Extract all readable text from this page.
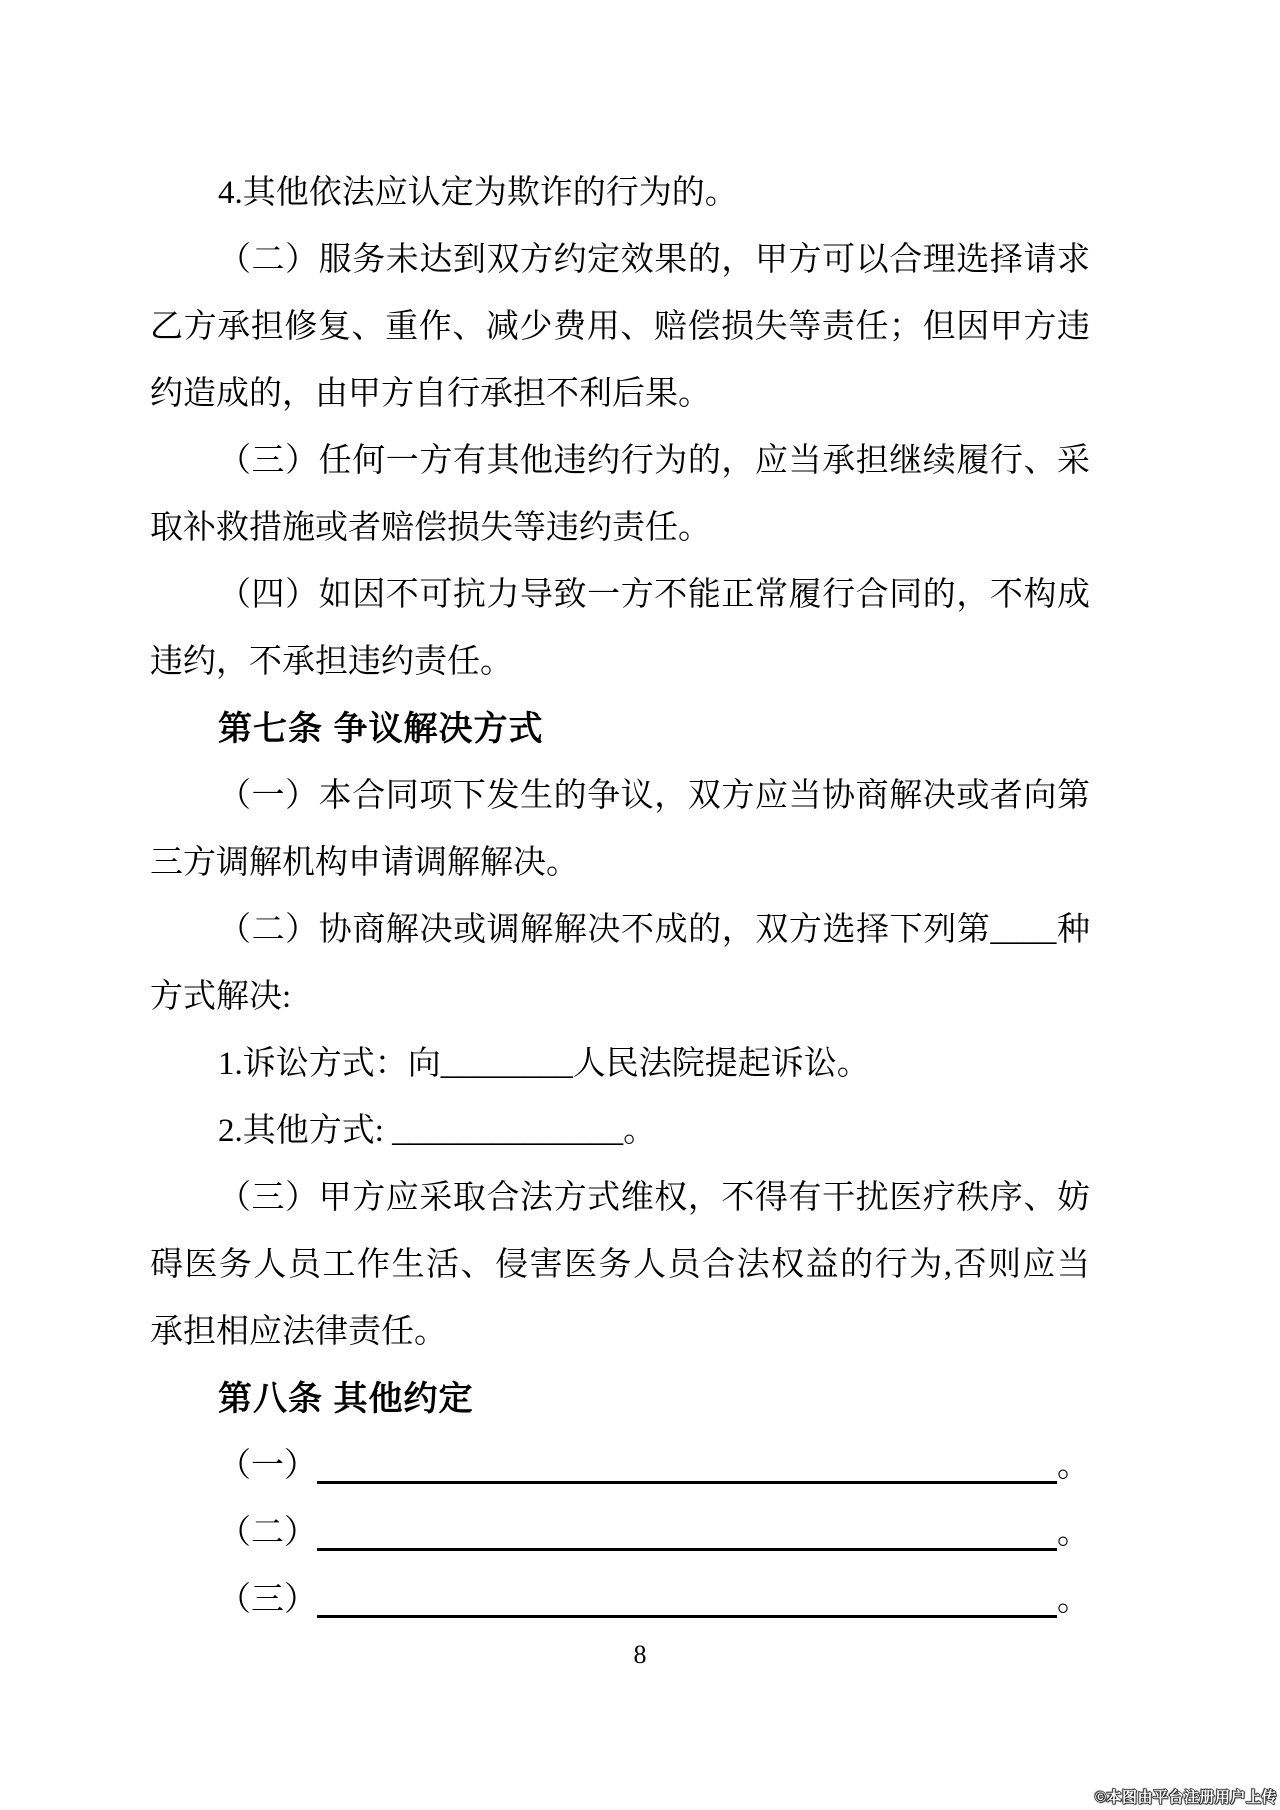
4.其他依法应认定为欺诈的行为的。
（二）服务未达到双方约定效果的，甲方可以合理选择请求
乙方承担修复、重作、减少费用、赔偿损失等责任；但因甲方违
约造成的，由甲方自行承担不利后果。
（三）任何一方有其他违约行为的，应当承担继续履行、采
取补救措施或者赔偿损失等违约责任。
（四）如因不可抗力导致一方不能正常履行合同的，不构成
违约，不承担违约责任。
第七条 争议解决方式
（一）本合同项下发生的争议，双方应当协商解决或者向第
三方调解机构申请调解解决。
（二）协商解决或调解解决不成的，双方选择下列第____种
方式解决:
1.诉讼方式：向________人民法院提起诉讼。
2.其他方式: ______________。
（三）甲方应采取合法方式维权，不得有干扰医疗秩序、妨
碍医务人员工作生活、侵害医务人员合法权益的行为,否则应当
承担相应法律责任。
第八条 其他约定
（一）	。
（二）	。
（三）	。
8
©本图由平台注册用户上传
